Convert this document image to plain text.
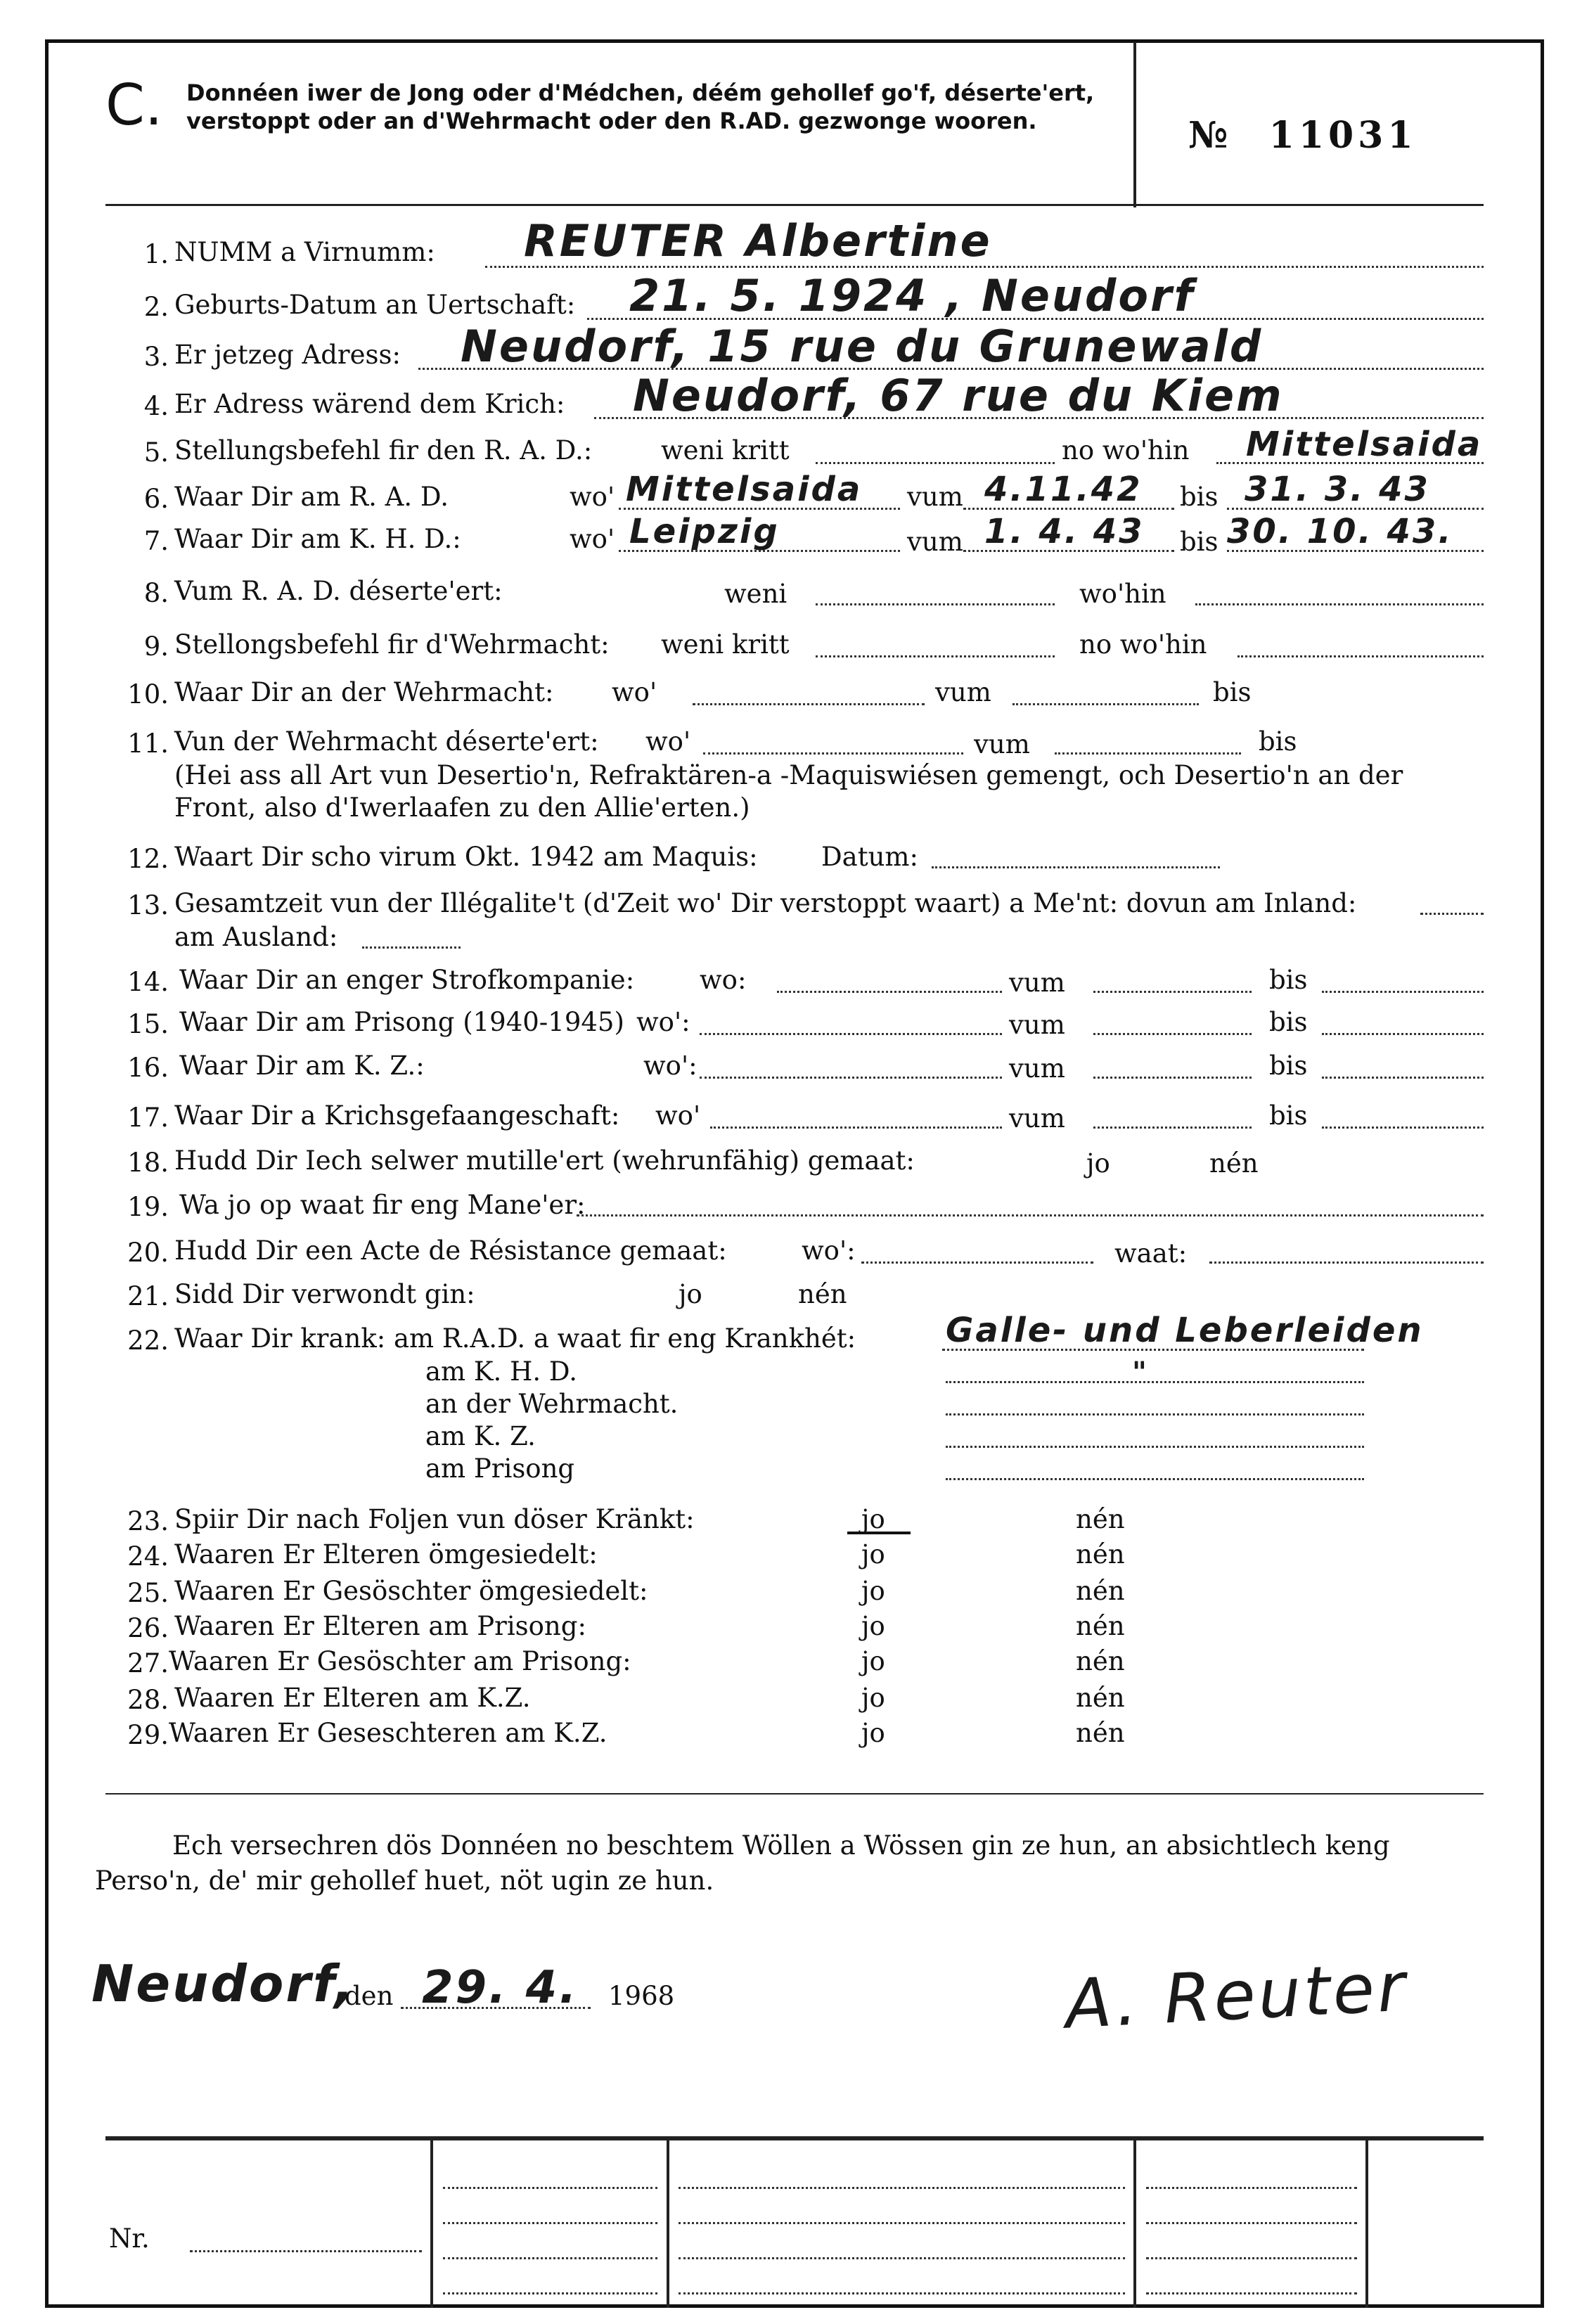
C. Donnéen iwer de Jong oder d'Médchen, déém gehollef go'f, déserte'ert, verstoppt oder an d'Wehrmacht oder den R.AD. gezwonge wooren.	№ 11031
1. NUMM a Virnumm: REUTER Albertine
2. Geburts-Datum an Uertschaft: 21. 5. 1924 , Neudorf
3. Er jetzeg Adress: Neudorf, 15 rue du Grunewald
4. Er Adress wärend dem Krich: Neudorf, 67 rue du Kiem
5. Stellungsbefehl fir den R. A. D.:	weni kritt	no wo'hin Mittelsaida
6. Waar Dir am R. A. D.	wo' Mittelsaida vum 4.11.42 bis 31. 3. 43
7. Waar Dir am K. H. D.:	wo' Leipzig	vum 1. 4. 43 bis 30. 10. 43.
8. Vum R. A. D. déserte'ert:	weni	wo'hin
9. Stellongsbefehl fir d'Wehrmacht: weni kritt	no wo'hin
10. Waar Dir an der Wehrmacht: wo'	vum	bis
11. Vun der Wehrmacht déserte'ert: wo'	vum	bis
(Hei ass all Art vun Desertio'n, Refraktären-a -Maquiswiésen gemengt, och Desertio'n an der Front, also d'Iwerlaafen zu den Allie'erten.)
12. Waart Dir scho virum Okt. 1942 am Maquis: Datum:
13. Gesamtzeit vun der Illégalite't (d'Zeit wo' Dir verstoppt waart) a Me'nt: dovun am Inland:
am Ausland:
14. Waar Dir an enger Strofkompanie:	wo:	vum	bis
15. Waar Dir am Prisong (1940-1945) wo':	vum	bis
16. Waar Dir am K. Z.:	wo':	vum	bis
17. Waar Dir a Krichsgefaangeschaft: wo'	vum	bis
18. Hudd Dir Iech selwer mutille'ert (wehrunfähig) gemaat:	jo	nén
19. Wa jo op waat fir eng Mane'er:
20. Hudd Dir een Acte de Résistance gemaat:	wo':	waat:
21. Sidd Dir verwondt gin:	jo	nén
22. Waar Dir krank: am R.A.D. a waat fir eng Krankhét:	Galle- und Leberleiden
am K. H. D.	"
an der Wehrmacht.
am K. Z.
am Prisong
23. Spiir Dir nach Foljen vun döser Kränkt:	jo	nén
24. Waaren Er Elteren ömgesiedelt:	jo	nén
25. Waaren Er Gesöschter ömgesiedelt:	jo	nén
26. Waaren Er Elteren am Prisong:	jo	nén
27. Waaren Er Gesöschter am Prisong:	jo	nén
28. Waaren Er Elteren am K.Z.	jo	nén
29. Waaren Er Geseschteren am K.Z.	jo	nén
Ech versechren dös Donnéen no beschtem Wöllen a Wössen gin ze hun, an absichtlech keng Perso'n, de' mir gehollef huet, nöt ugin ze hun.
Neudorf,
den 29. 4. 1968	A. Reuter
Nr.
